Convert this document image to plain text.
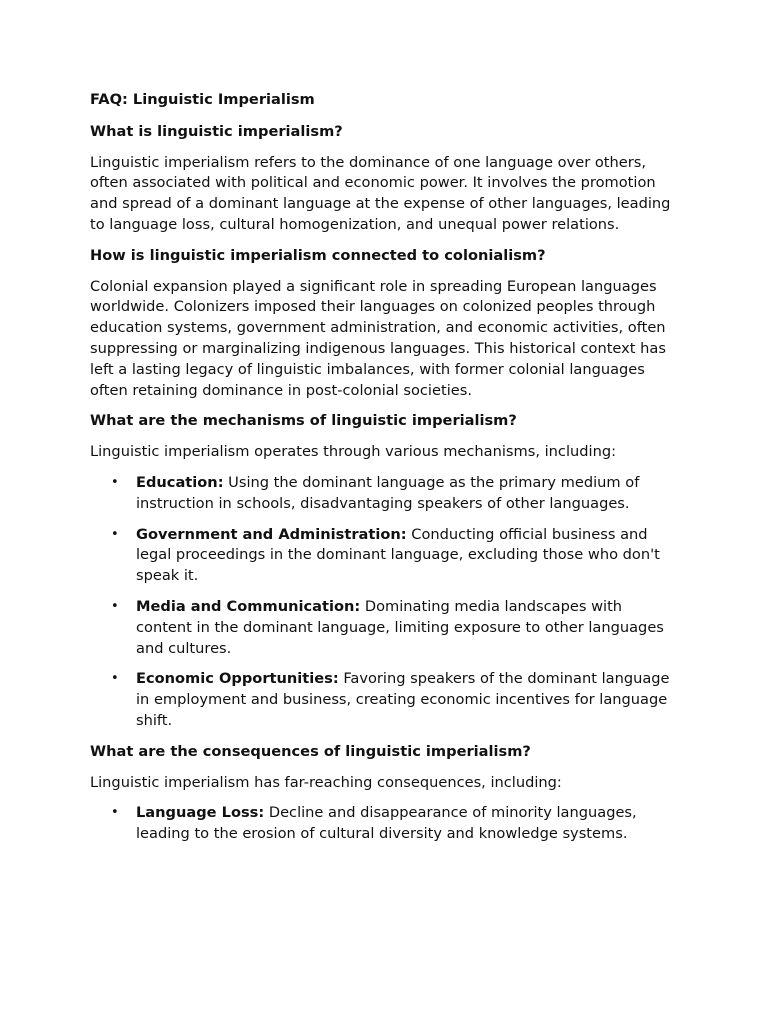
FAQ: Linguistic Imperialism
What is linguistic imperialism?
Linguistic imperialism refers to the dominance of one language over others, often associated with political and economic power. It involves the promotion and spread of a dominant language at the expense of other languages, leading to language loss, cultural homogenization, and unequal power relations.
How is linguistic imperialism connected to colonialism?
Colonial expansion played a significant role in spreading European languages worldwide. Colonizers imposed their languages on colonized peoples through education systems, government administration, and economic activities, often suppressing or marginalizing indigenous languages. This historical context has left a lasting legacy of linguistic imbalances, with former colonial languages often retaining dominance in post-colonial societies.
What are the mechanisms of linguistic imperialism?
Linguistic imperialism operates through various mechanisms, including:
• Education: Using the dominant language as the primary medium of instruction in schools, disadvantaging speakers of other languages.
• Government and Administration: Conducting official business and legal proceedings in the dominant language, excluding those who don't speak it.
• Media and Communication: Dominating media landscapes with content in the dominant language, limiting exposure to other languages and cultures.
• Economic Opportunities: Favoring speakers of the dominant language in employment and business, creating economic incentives for language shift.
What are the consequences of linguistic imperialism?
Linguistic imperialism has far-reaching consequences, including:
• Language Loss: Decline and disappearance of minority languages, leading to the erosion of cultural diversity and knowledge systems.
